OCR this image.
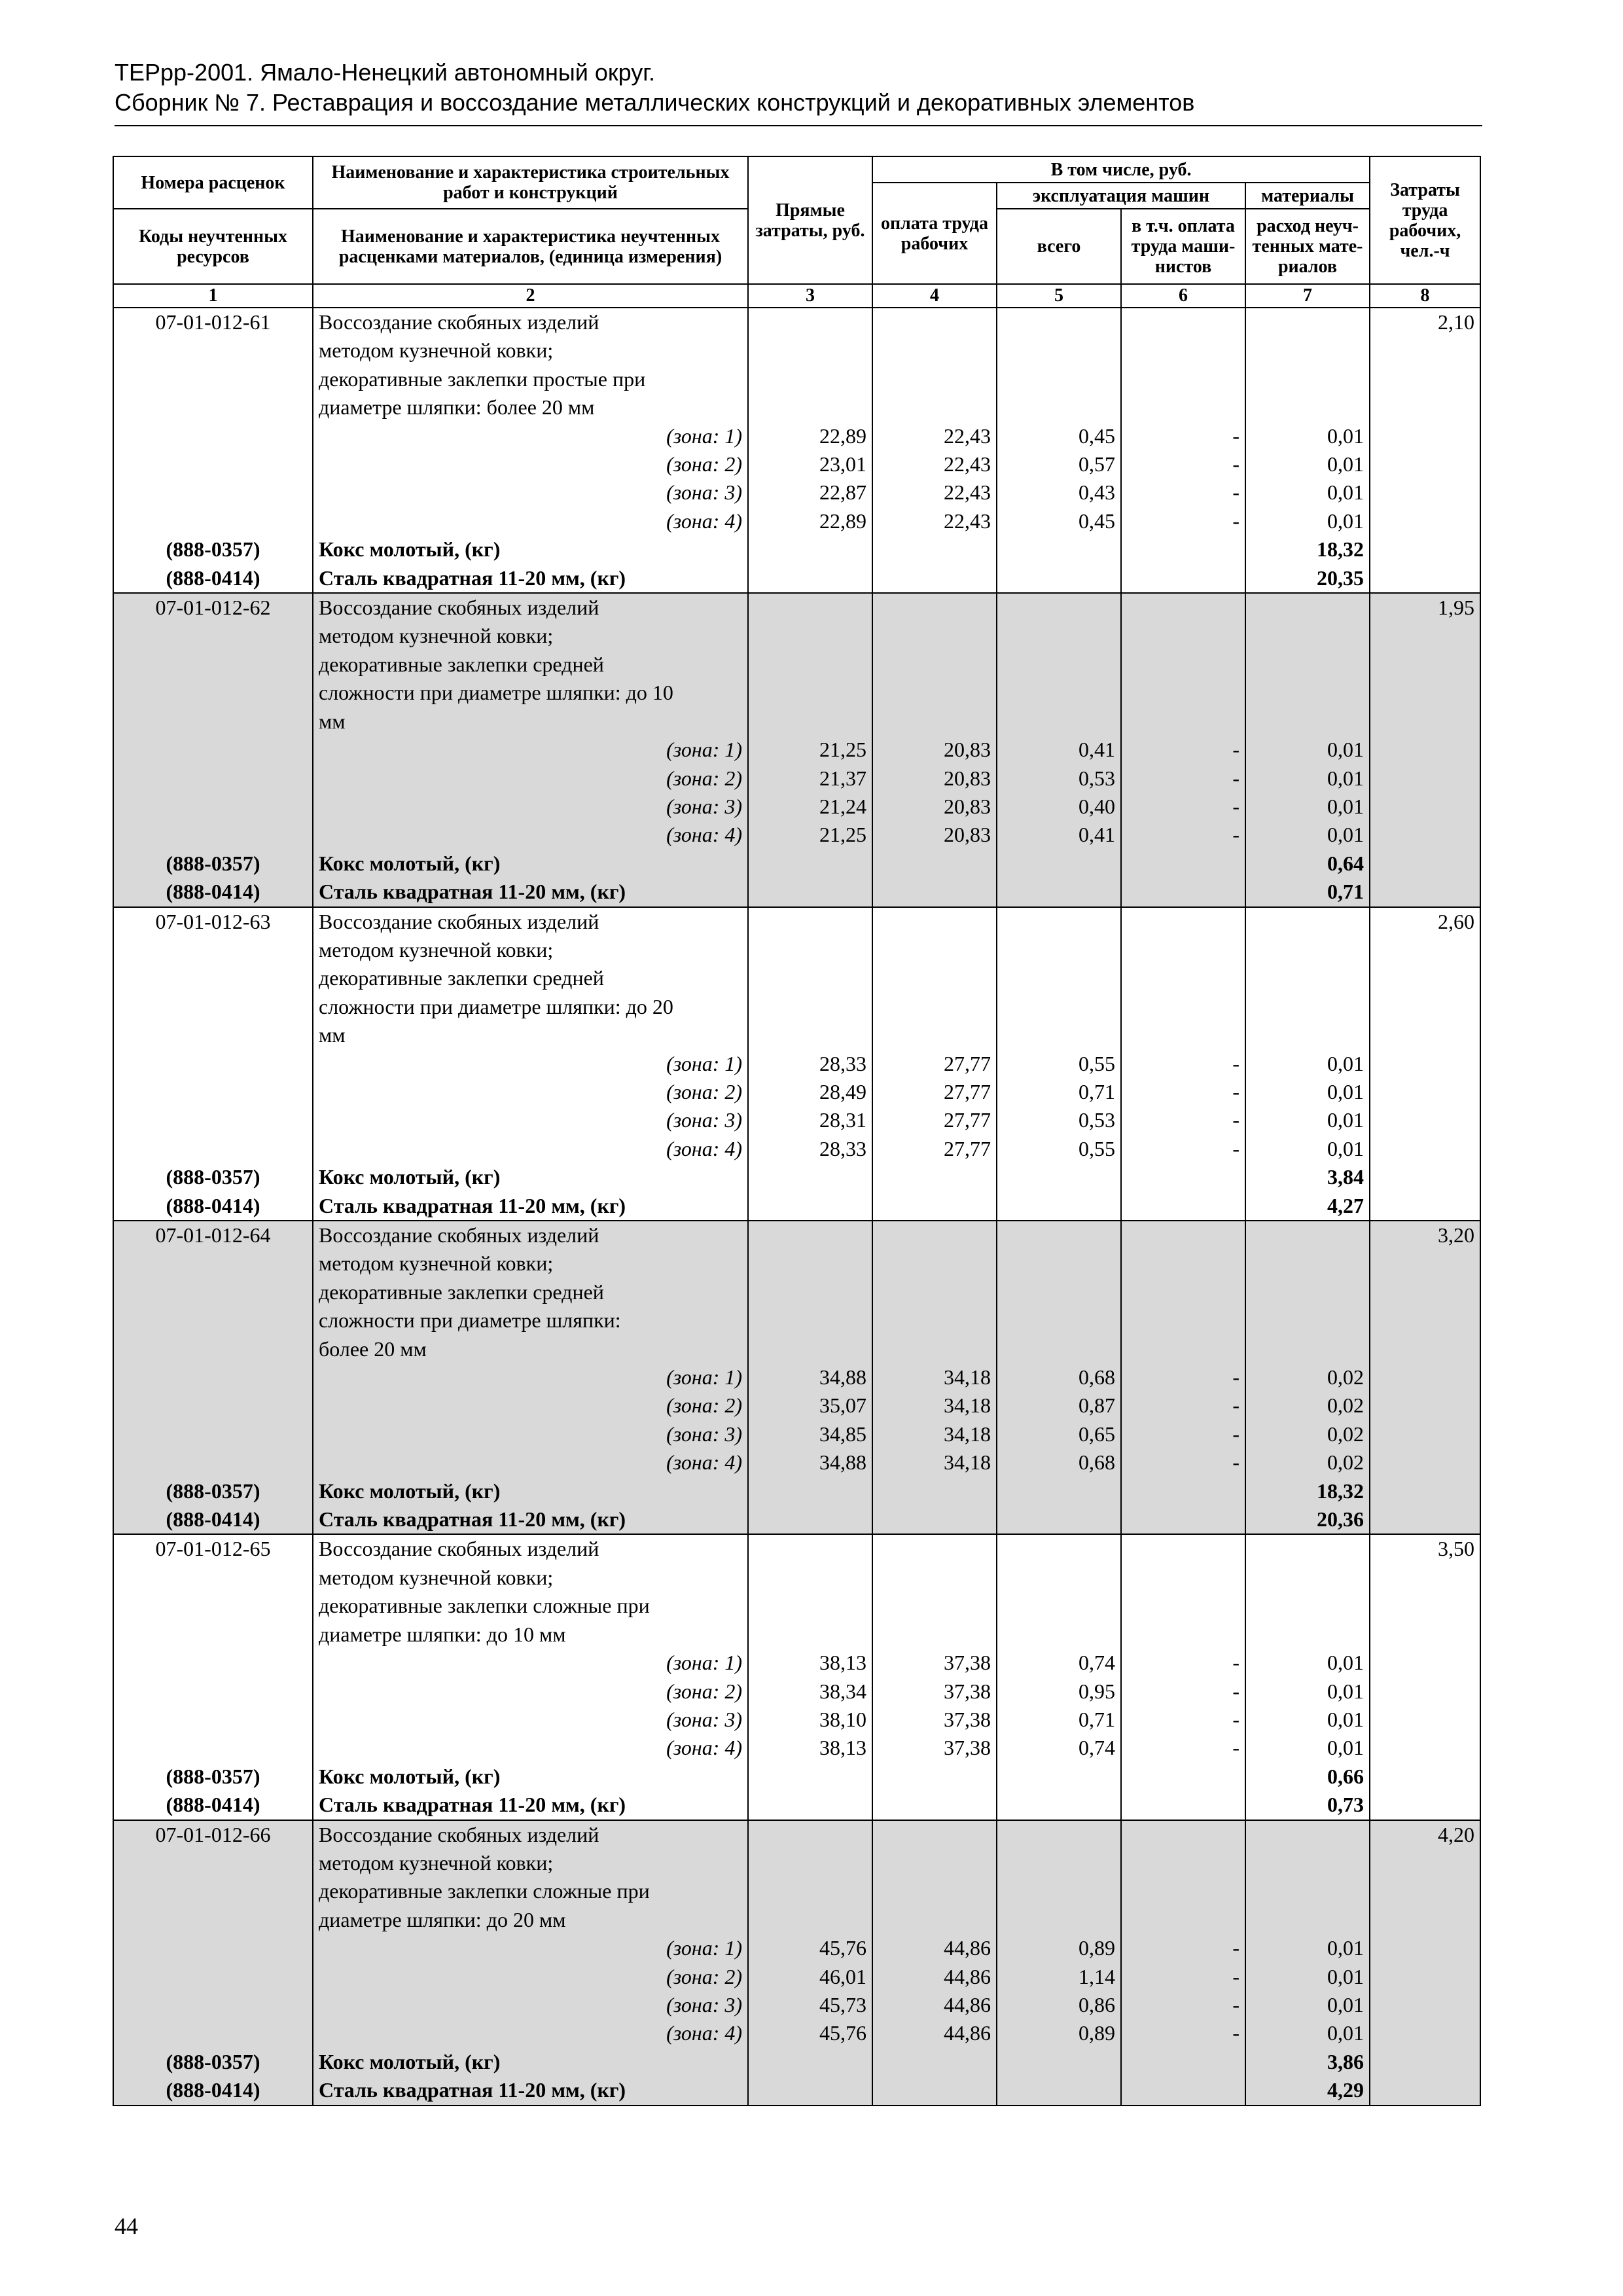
ТЕРрр-2001. Ямало-Ненецкий автономный округ.
Сборник № 7. Реставрация и воссоздание металлических конструкций и декоративных элементов
Номера расценок	Наименование и характеристика строительных работ и конструкций	Прямые затраты, руб.	В том числе, руб.				Затраты труда рабочих, чел.-ч
			оплата труда рабочих	эксплуатация машин		материалы	
Коды неучтенных ресурсов	Наименование и характеристика неучтенных расценками материалов, (единица измерения)			всего	в т.ч. оплата труда маши-нистов	расход неуч-тенных мате-риалов	

1	2	3	4	5	6	7	8
07-01-012-61	Воссоздание скобяных изделий						2,10
	методом кузнечной ковки;						
	декоративные заклепки простые при						
	диаметре шляпки: более 20 мм						
	(зона: 1)	22,89	22,43	0,45	-	0,01	
	(зона: 2)	23,01	22,43	0,57	-	0,01	
	(зона: 3)	22,87	22,43	0,43	-	0,01	
	(зона: 4)	22,89	22,43	0,45	-	0,01	
(888-0357)	Кокс молотый, (кг)					18,32	
(888-0414)	Сталь квадратная 11-20 мм, (кг)					20,35	
07-01-012-62	Воссоздание скобяных изделий						1,95
	методом кузнечной ковки;						
	декоративные заклепки средней						
	сложности при диаметре шляпки: до 10						
	мм						
	(зона: 1)	21,25	20,83	0,41	-	0,01	
	(зона: 2)	21,37	20,83	0,53	-	0,01	
	(зона: 3)	21,24	20,83	0,40	-	0,01	
	(зона: 4)	21,25	20,83	0,41	-	0,01	
(888-0357)	Кокс молотый, (кг)					0,64	
(888-0414)	Сталь квадратная 11-20 мм, (кг)					0,71	
07-01-012-63	Воссоздание скобяных изделий						2,60
	методом кузнечной ковки;						
	декоративные заклепки средней						
	сложности при диаметре шляпки: до 20						
	мм						
	(зона: 1)	28,33	27,77	0,55	-	0,01	
	(зона: 2)	28,49	27,77	0,71	-	0,01	
	(зона: 3)	28,31	27,77	0,53	-	0,01	
	(зона: 4)	28,33	27,77	0,55	-	0,01	
(888-0357)	Кокс молотый, (кг)					3,84	
(888-0414)	Сталь квадратная 11-20 мм, (кг)					4,27	
07-01-012-64	Воссоздание скобяных изделий						3,20
	методом кузнечной ковки;						
	декоративные заклепки средней						
	сложности при диаметре шляпки:						
	более 20 мм						
	(зона: 1)	34,88	34,18	0,68	-	0,02	
	(зона: 2)	35,07	34,18	0,87	-	0,02	
	(зона: 3)	34,85	34,18	0,65	-	0,02	
	(зона: 4)	34,88	34,18	0,68	-	0,02	
(888-0357)	Кокс молотый, (кг)					18,32	
(888-0414)	Сталь квадратная 11-20 мм, (кг)					20,36	
07-01-012-65	Воссоздание скобяных изделий						3,50
	методом кузнечной ковки;						
	декоративные заклепки сложные при						
	диаметре шляпки: до 10 мм						
	(зона: 1)	38,13	37,38	0,74	-	0,01	
	(зона: 2)	38,34	37,38	0,95	-	0,01	
	(зона: 3)	38,10	37,38	0,71	-	0,01	
	(зона: 4)	38,13	37,38	0,74	-	0,01	
(888-0357)	Кокс молотый, (кг)					0,66	
(888-0414)	Сталь квадратная 11-20 мм, (кг)					0,73	
07-01-012-66	Воссоздание скобяных изделий						4,20
	методом кузнечной ковки;						
	декоративные заклепки сложные при						
	диаметре шляпки: до 20 мм						
	(зона: 1)	45,76	44,86	0,89	-	0,01	
	(зона: 2)	46,01	44,86	1,14	-	0,01	
	(зона: 3)	45,73	44,86	0,86	-	0,01	
	(зона: 4)	45,76	44,86	0,89	-	0,01	
(888-0357)	Кокс молотый, (кг)					3,86	
(888-0414)	Сталь квадратная 11-20 мм, (кг)					4,29	
44
